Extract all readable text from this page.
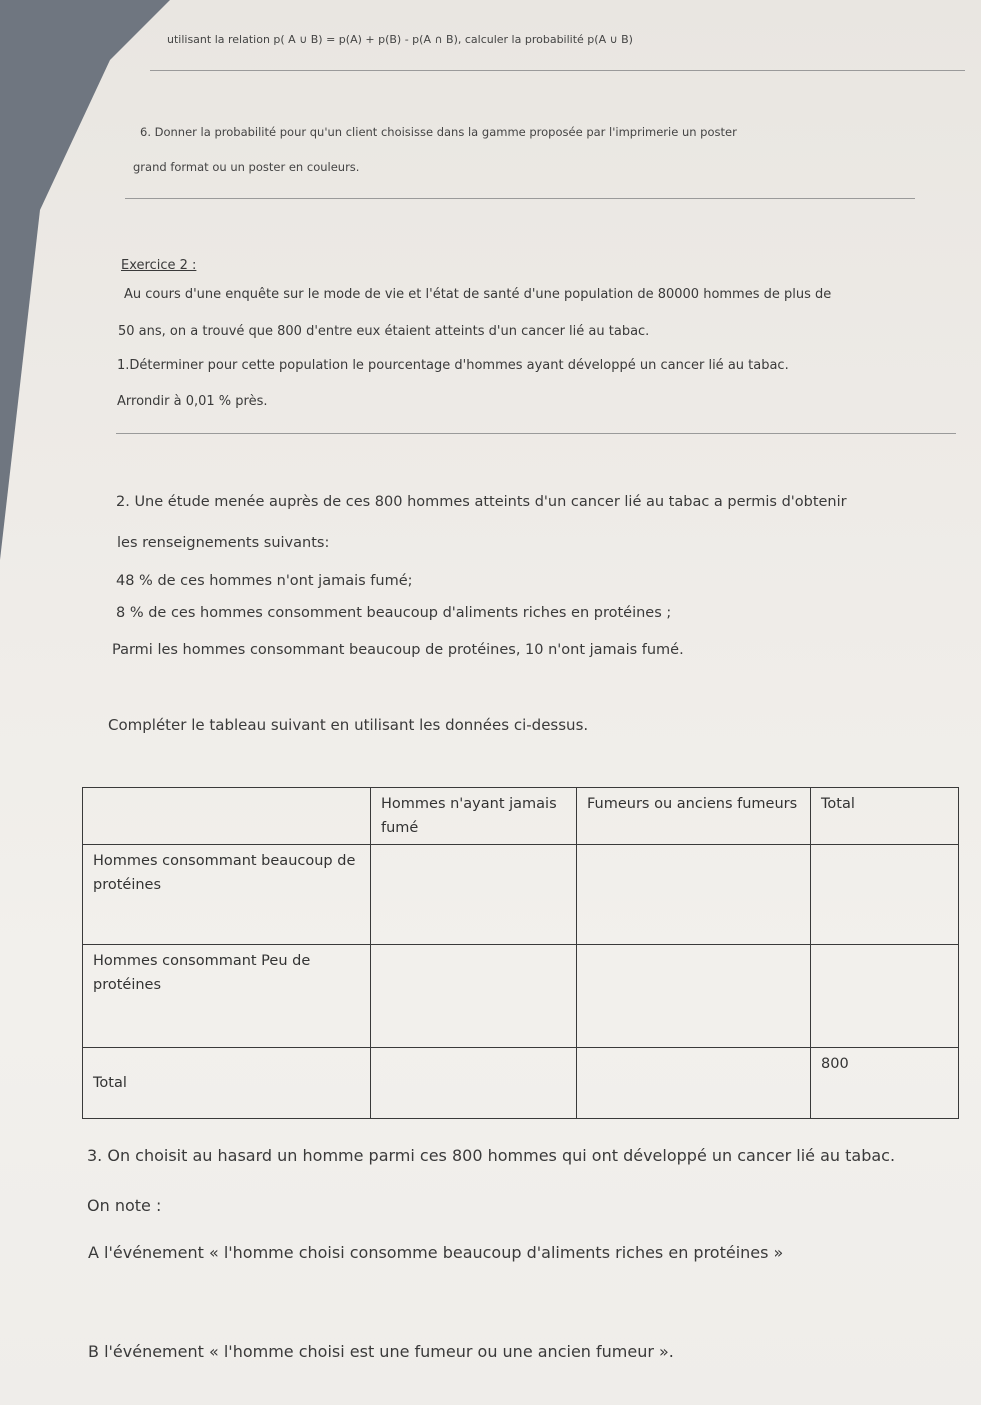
utilisant la relation p( A ∪ B) = p(A) + p(B) - p(A ∩ B), calculer la probabilité p(A ∪ B)
6. Donner la probabilité pour qu'un client choisisse dans la gamme proposée par l'imprimerie un poster
grand format ou un poster en couleurs.
Exercice 2 :
Au cours d'une enquête sur le mode de vie et l'état de santé d'une population de 80000 hommes de plus de
50 ans, on a trouvé que 800 d'entre eux étaient atteints d'un cancer lié au tabac.
1.Déterminer pour cette population le pourcentage d'hommes ayant développé un cancer lié au tabac.
Arrondir à 0,01 % près.
2. Une étude menée auprès de ces 800 hommes atteints d'un cancer lié au tabac a permis d'obtenir
les renseignements suivants:
48 % de ces hommes n'ont jamais fumé;
8 % de ces hommes consomment beaucoup d'aliments riches en protéines ;
Parmi les hommes consommant beaucoup de protéines, 10 n'ont jamais fumé.
Compléter le tableau suivant en utilisant les données ci-dessus.
	Hommes n'ayant jamais fumé	Fumeurs ou anciens fumeurs	Total
Hommes consommant beaucoup de protéines			
Hommes consommant Peu de protéines			
Total			800
3. On choisit au hasard un homme parmi ces 800 hommes qui ont développé un cancer lié au tabac.
On note :
A l'événement « l'homme choisi consomme beaucoup d'aliments riches en protéines »
B l'événement « l'homme choisi est une fumeur ou une ancien fumeur ».
